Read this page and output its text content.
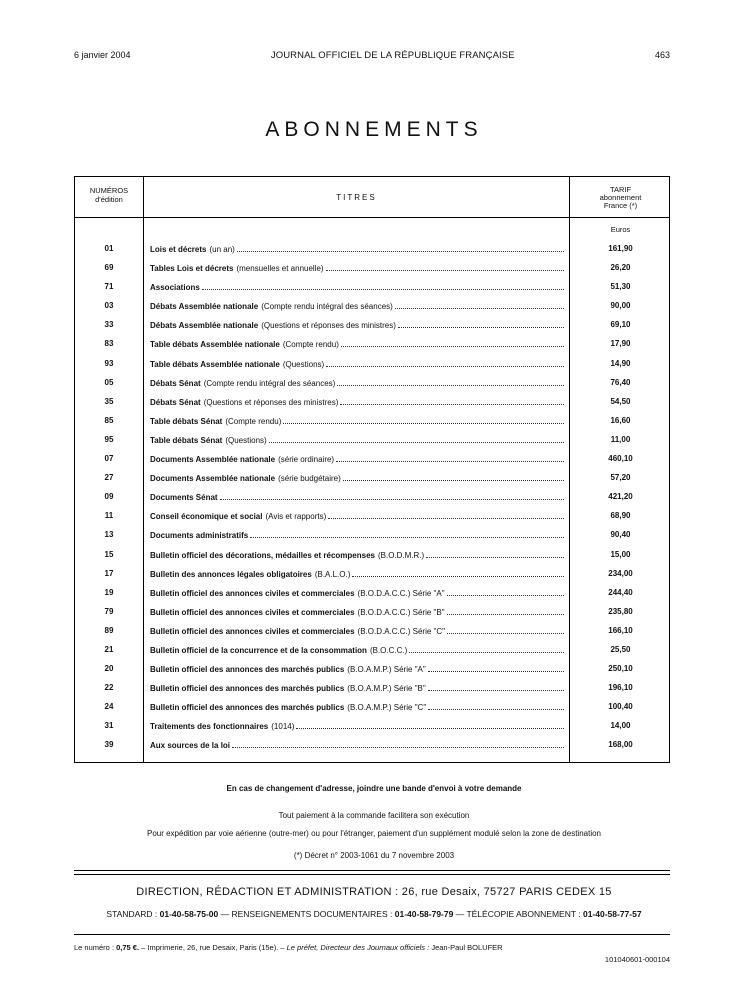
6 janvier 2004	JOURNAL OFFICIEL DE LA RÉPUBLIQUE FRANÇAISE	463
ABONNEMENTS
NUMÉROS
d'édition	TITRES
TARIF
abonnement
France (*)
Euros
01	Lois et décrets (un an)	161,90
69	Tables Lois et décrets (mensuelles et annuelle)	26,20
71	Associations	51,30
03	Débats Assemblée nationale (Compte rendu intégral des séances)	90,00
33	Débats Assemblée nationale (Questions et réponses des ministres)	69,10
83	Table débats Assemblée nationale (Compte rendu)	17,90
93	Table débats Assemblée nationale (Questions)	14,90
05	Débats Sénat (Compte rendu intégral des séances)	76,40
35	Débats Sénat (Questions et réponses des ministres)	54,50
85	Table débats Sénat (Compte rendu)	16,60
95	Table débats Sénat (Questions)	11,00
07	Documents Assemblée nationale (série ordinaire)	460,10
27	Documents Assemblée nationale (série budgétaire)	57,20
09	Documents Sénat	421,20
11	Conseil économique et social (Avis et rapports)	68,90
13	Documents administratifs	90,40
15	Bulletin officiel des décorations, médailles et récompenses (B.O.D.M.R.)	15,00
17	Bulletin des annonces légales obligatoires (B.A.L.O.)	234,00
19	Bulletin officiel des annonces civiles et commerciales (B.O.D.A.C.C.) Série "A"	244,40
79	Bulletin officiel des annonces civiles et commerciales (B.O.D.A.C.C.) Série "B"	235,80
89	Bulletin officiel des annonces civiles et commerciales (B.O.D.A.C.C.) Série "C"	166,10
21	Bulletin officiel de la concurrence et de la consommation (B.O.C.C.)	25,50
20	Bulletin officiel des annonces des marchés publics (B.O.A.M.P.) Série "A"	250,10
22	Bulletin officiel des annonces des marchés publics (B.O.A.M.P.) Série "B"	196,10
24	Bulletin officiel des annonces des marchés publics (B.O.A.M.P.) Série "C"	100,40
31	Traitements des fonctionnaires (1014)	14,00
39	Aux sources de la loi	168,00
En cas de changement d'adresse, joindre une bande d'envoi à votre demande
Tout paiement à la commande facilitera son exécution
Pour expédition par voie aérienne (outre-mer) ou pour l'étranger, paiement d'un supplément modulé selon la zone de destination
(*) Décret n° 2003-1061 du 7 novembre 2003
DIRECTION, RÉDACTION ET ADMINISTRATION : 26, rue Desaix, 75727 PARIS CEDEX 15
STANDARD : 01-40-58-75-00 — RENSEIGNEMENTS DOCUMENTAIRES : 01-40-58-79-79 — TÉLÉCOPIE ABONNEMENT : 01-40-58-77-57
Le numéro : 0,75 €. – Imprimerie, 26, rue Desaix, Paris (15e). – Le préfet, Directeur des Journaux officiels : Jean-Paul BOLUFER
101040601-000104
